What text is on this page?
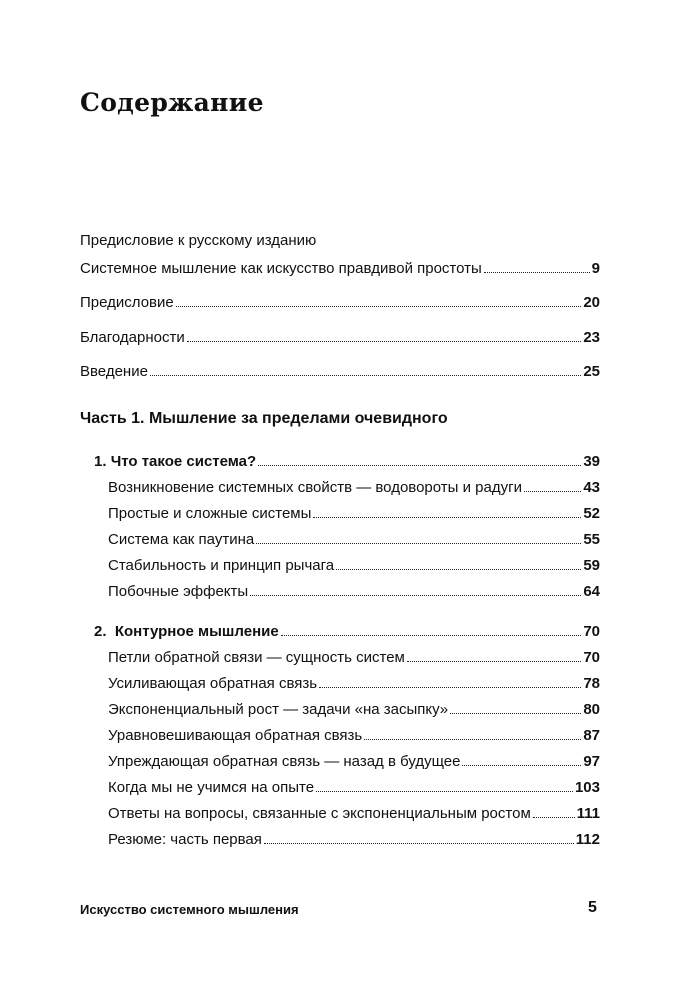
Содержание
Предисловие к русскому изданию
Системное мышление как искусство правдивой простоты	9
Предисловие	20
Благодарности	23
Введение	25
Часть 1. Мышление за пределами очевидного
1. Что такое система?	39
Возникновение системных свойств — водовороты и радуги	43
Простые и сложные системы	52
Система как паутина	55
Стабильность и принцип рычага	59
Побочные эффекты	64
2. Контурное мышление	70
Петли обратной связи — сущность систем	70
Усиливающая обратная связь	78
Экспоненциальный рост — задачи «на засыпку»	80
Уравновешивающая обратная связь	87
Упреждающая обратная связь — назад в будущее	97
Когда мы не учимся на опыте	103
Ответы на вопросы, связанные с экспоненциальным ростом	111
Резюме: часть первая	112
Искусство системного мышления	5
